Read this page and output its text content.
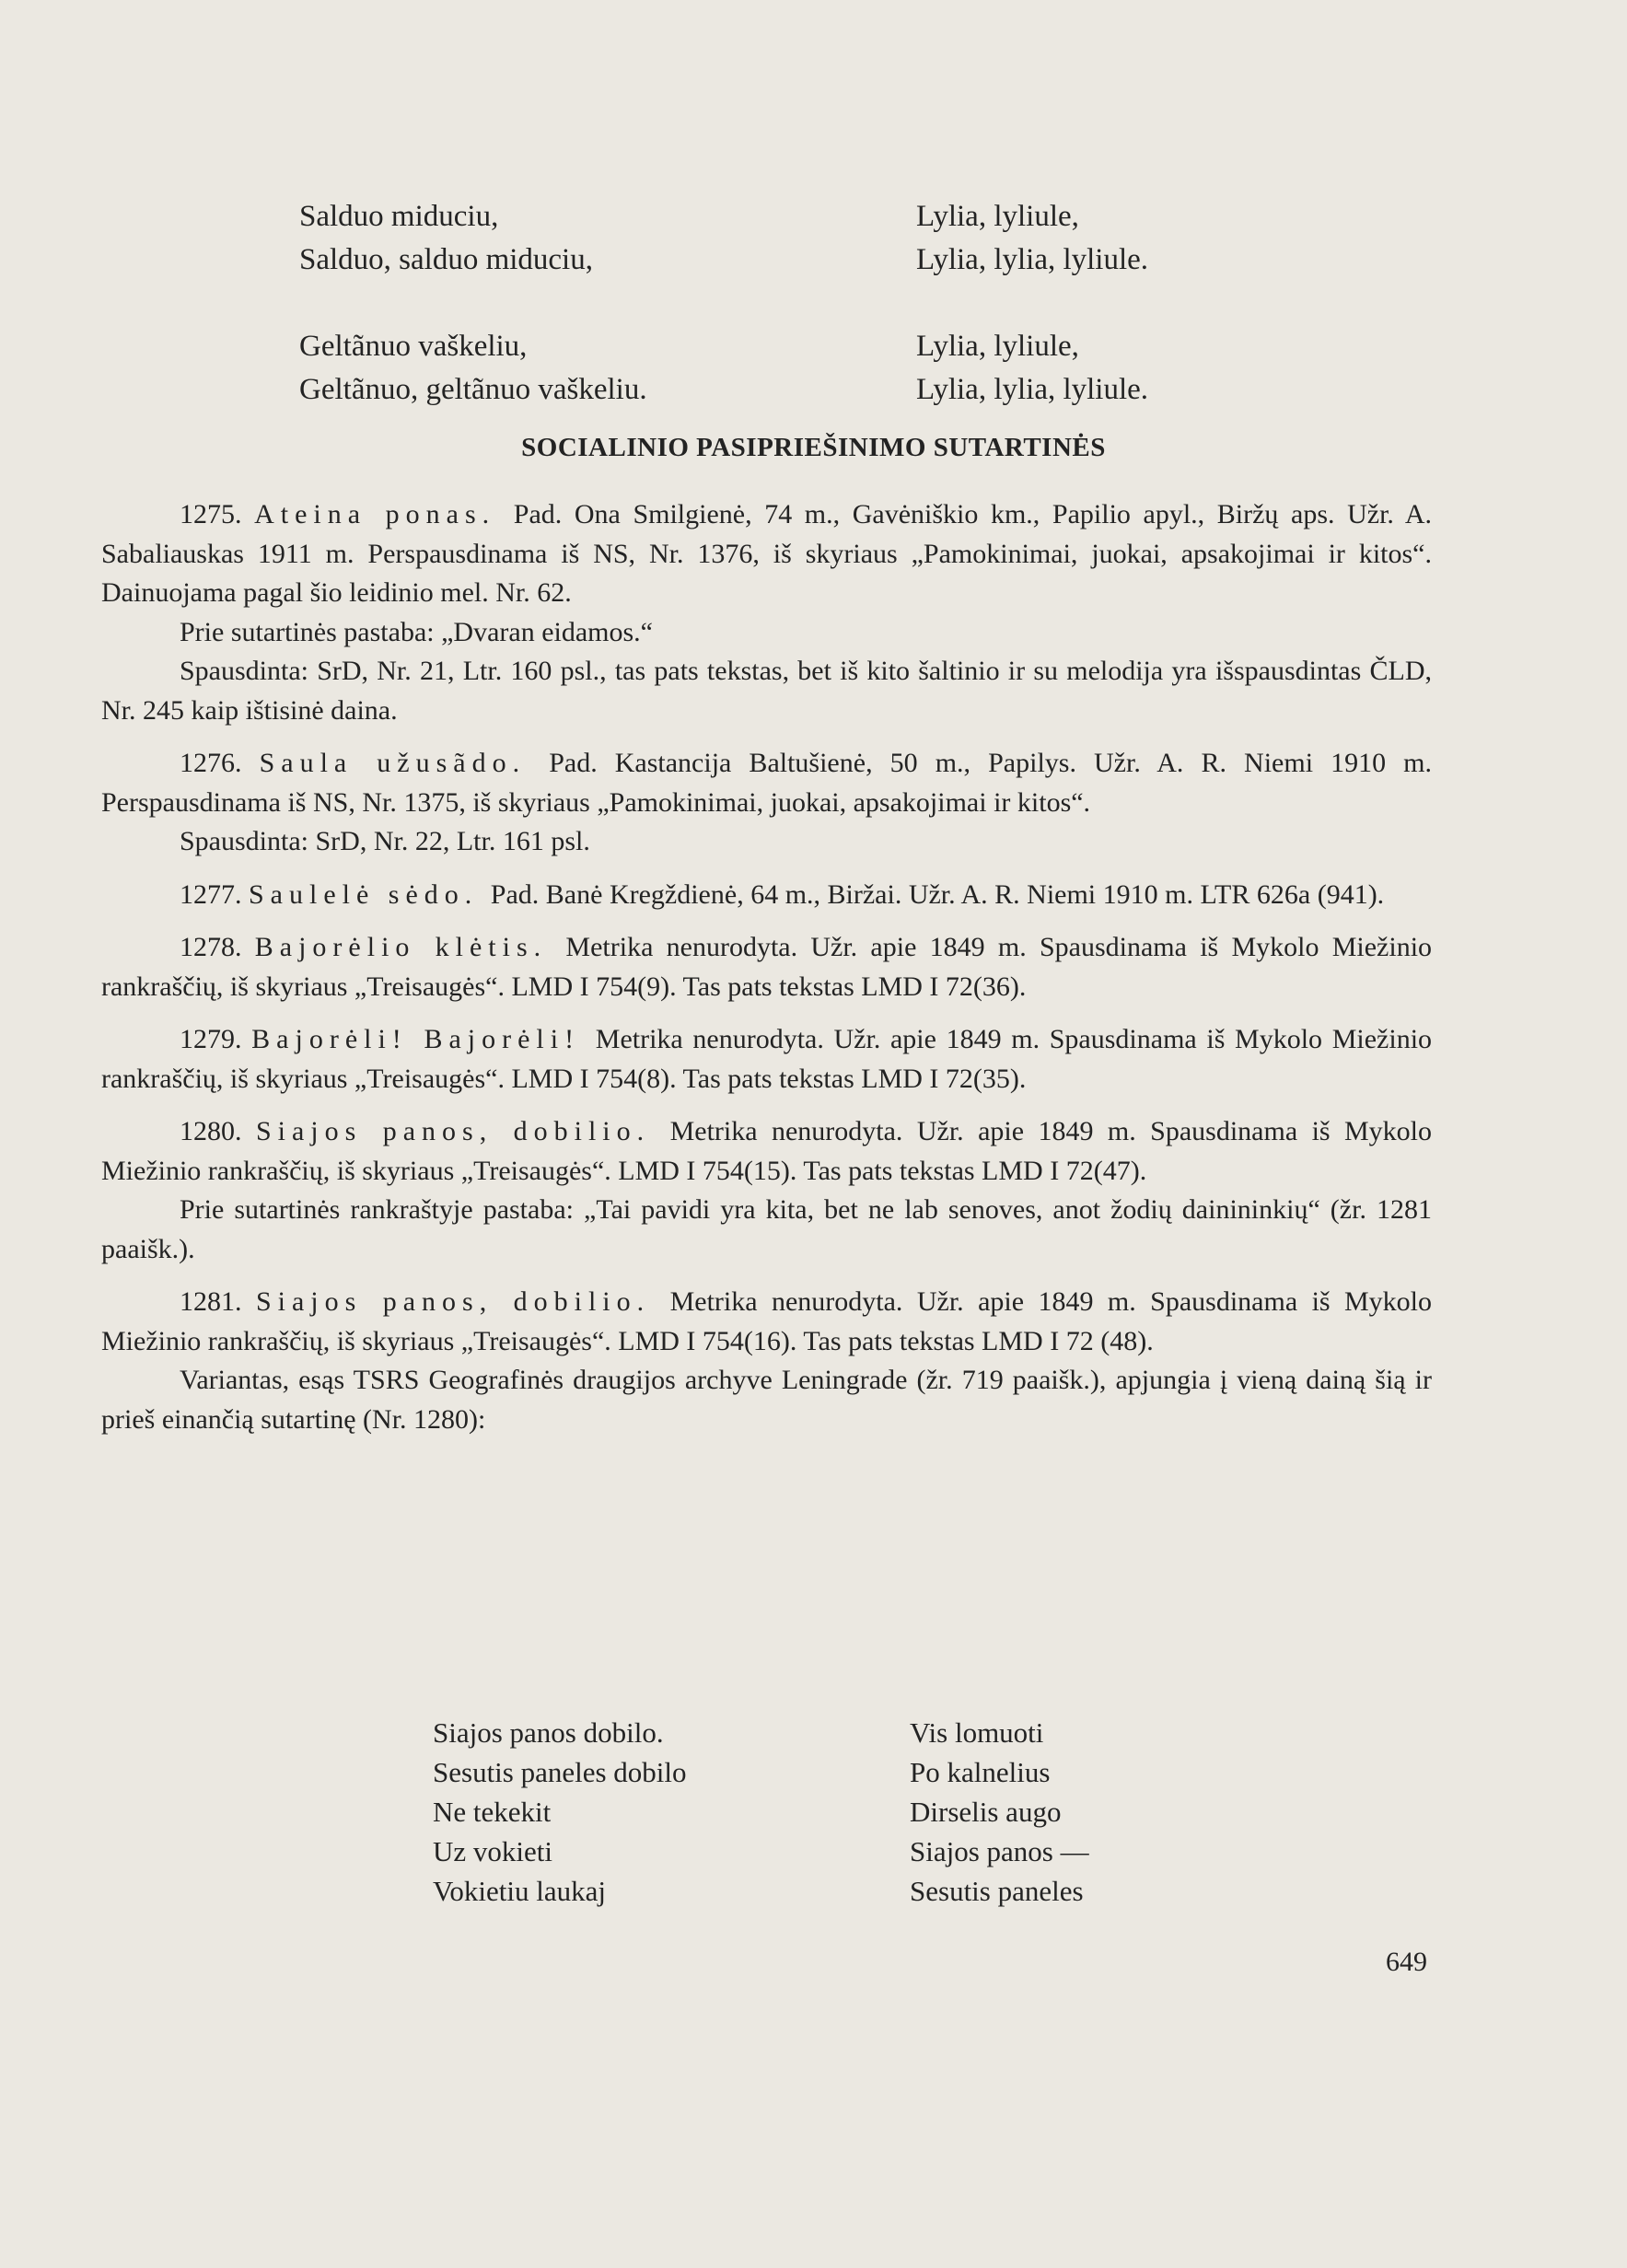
Salduo miduciu,
Salduo, salduo miduciu,

Geltãnuo vaškeliu,
Geltãnuo, geltãnuo vaškeliu.
Lylia, lyliule,
Lylia, lylia, lyliule.

Lylia, lyliule,
Lylia, lylia, lyliule.
SOCIALINIO PASIPRIEŠINIMO SUTARTINĖS

1275. Ateina ponas. Pad. Ona Smilgienė, 74 m., Gavėniškio km., Papilio apyl., Biržų aps. Užr. A. Sabaliauskas 1911 m. Perspausdinama iš NS, Nr. 1376, iš skyriaus „Pamokinimai, juokai, apsakojimai ir kitos“. Dainuojama pagal šio leidinio mel. Nr. 62.

Prie sutartinės pastaba: „Dvaran eidamos.“

Spausdinta: SrD, Nr. 21, Ltr. 160 psl., tas pats tekstas, bet iš kito šaltinio ir su melodija yra išspausdintas ČLD, Nr. 245 kaip ištisinė daina.

1276. Saula užusãdo. Pad. Kastancija Baltušienė, 50 m., Papilys. Užr. A. R. Niemi 1910 m. Perspausdinama iš NS, Nr. 1375, iš skyriaus „Pamokinimai, juokai, apsakojimai ir kitos“.

Spausdinta: SrD, Nr. 22, Ltr. 161 psl.

1277. Saulelė sėdo. Pad. Banė Kregždienė, 64 m., Biržai. Užr. A. R. Niemi 1910 m. LTR 626a (941).

1278. Bajorėlio klėtis. Metrika nenurodyta. Užr. apie 1849 m. Spausdinama iš Mykolo Miežinio rankraščių, iš skyriaus „Treisaugės“. LMD I 754(9). Tas pats tekstas LMD I 72(36).

1279. Bajorėli! Bajorėli! Metrika nenurodyta. Užr. apie 1849 m. Spausdinama iš Mykolo Miežinio rankraščių, iš skyriaus „Treisaugės“. LMD I 754(8). Tas pats tekstas LMD I 72(35).

1280. Siajos panos, dobilio. Metrika nenurodyta. Užr. apie 1849 m. Spausdinama iš Mykolo Miežinio rankraščių, iš skyriaus „Treisaugės“. LMD I 754(15). Tas pats tekstas LMD I 72(47).

Prie sutartinės rankraštyje pastaba: „Tai pavidi yra kita, bet ne lab senoves, anot žodių dainininkių“ (žr. 1281 paaišk.).

1281. Siajos panos, dobilio. Metrika nenurodyta. Užr. apie 1849 m. Spausdinama iš Mykolo Miežinio rankraščių, iš skyriaus „Treisaugės“. LMD I 754(16). Tas pats tekstas LMD I 72 (48).

Variantas, esąs TSRS Geografinės draugijos archyve Leningrade (žr. 719 paaišk.), apjungia į vieną dainą šią ir prieš einančią sutartinę (Nr. 1280):

Siajos panos dobilo.
Sesutis paneles dobilo
Ne tekekit
Uz vokieti
Vokietiu laukaj
Vis lomuoti
Po kalnelius
Dirselis augo
Siajos panos —
Sesutis paneles
649
